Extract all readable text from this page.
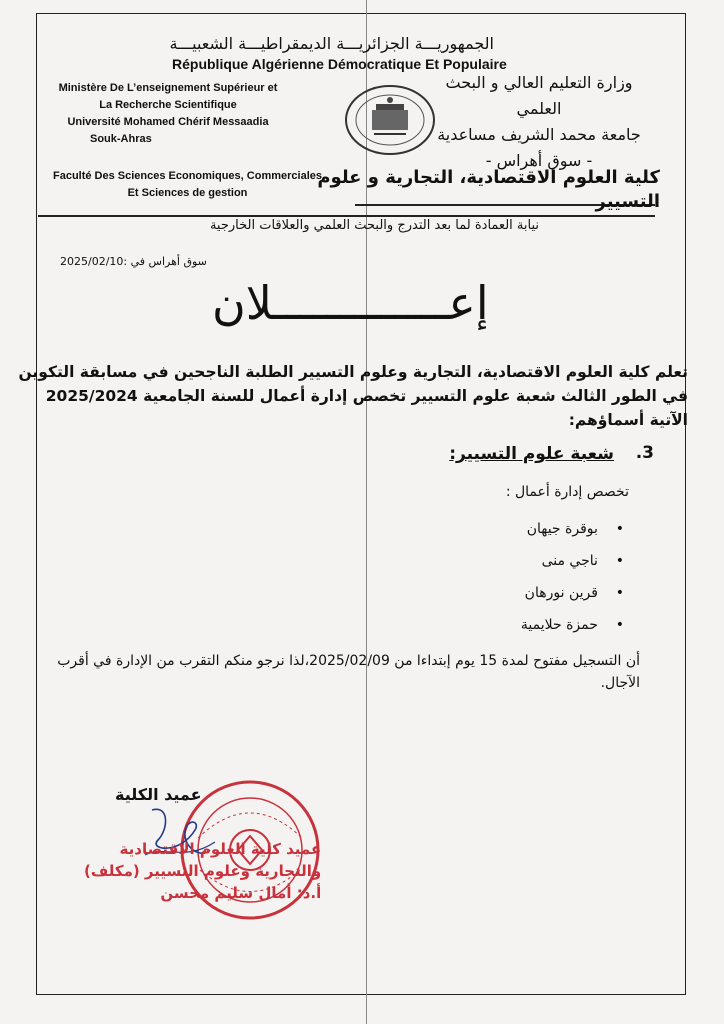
الجمهوريـــة الجزائريـــة الديمقراطيـــة الشعبيـــة
République Algérienne Démocratique Et Populaire
Ministère De L’enseignement Supérieur et
La Recherche Scientifique
Université Mohamed Chérif Messaadia
Souk-Ahras
وزارة التعليم العالي و البحث
العلمي
جامعة محمد الشريف مساعدية
- سوق أهراس -
Faculté Des Sciences Economiques, Commerciales
Et Sciences de gestion
كلية العلوم الاقتصادية، التجارية و علوم
التسيير
نيابة العمادة لما بعد التدرج والبحث العلمي والعلاقات الخارجية
سوق أهراس في :2025/02/10
إعـــــــــــــلان
تعلم كلية العلوم الاقتصادية، التجارية وعلوم التسيير الطلبة الناجحين في مسابقة التكوين
في الطور الثالث شعبة علوم التسيير تخصص إدارة أعمال للسنة الجامعية 2025/2024
الآتية أسماؤهم:
3.
شعبة علوم التسيير:
تخصص إدارة أعمال :
•     بوقرة جيهان
•     ناجي منى
•     قرين نورهان
•     حمزة حلايمية
أن التسجيل مفتوح لمدة 15 يوم إبتداءا من 2025/02/09،لذا نرجو منكم التقرب من الإدارة في أقرب
الآجال.
عميد الكلية
عميد كلية العلوم الاقتصادية
والتجارية وعلوم التسيير (مكلف)
أ.د: أمال سليم محسن
